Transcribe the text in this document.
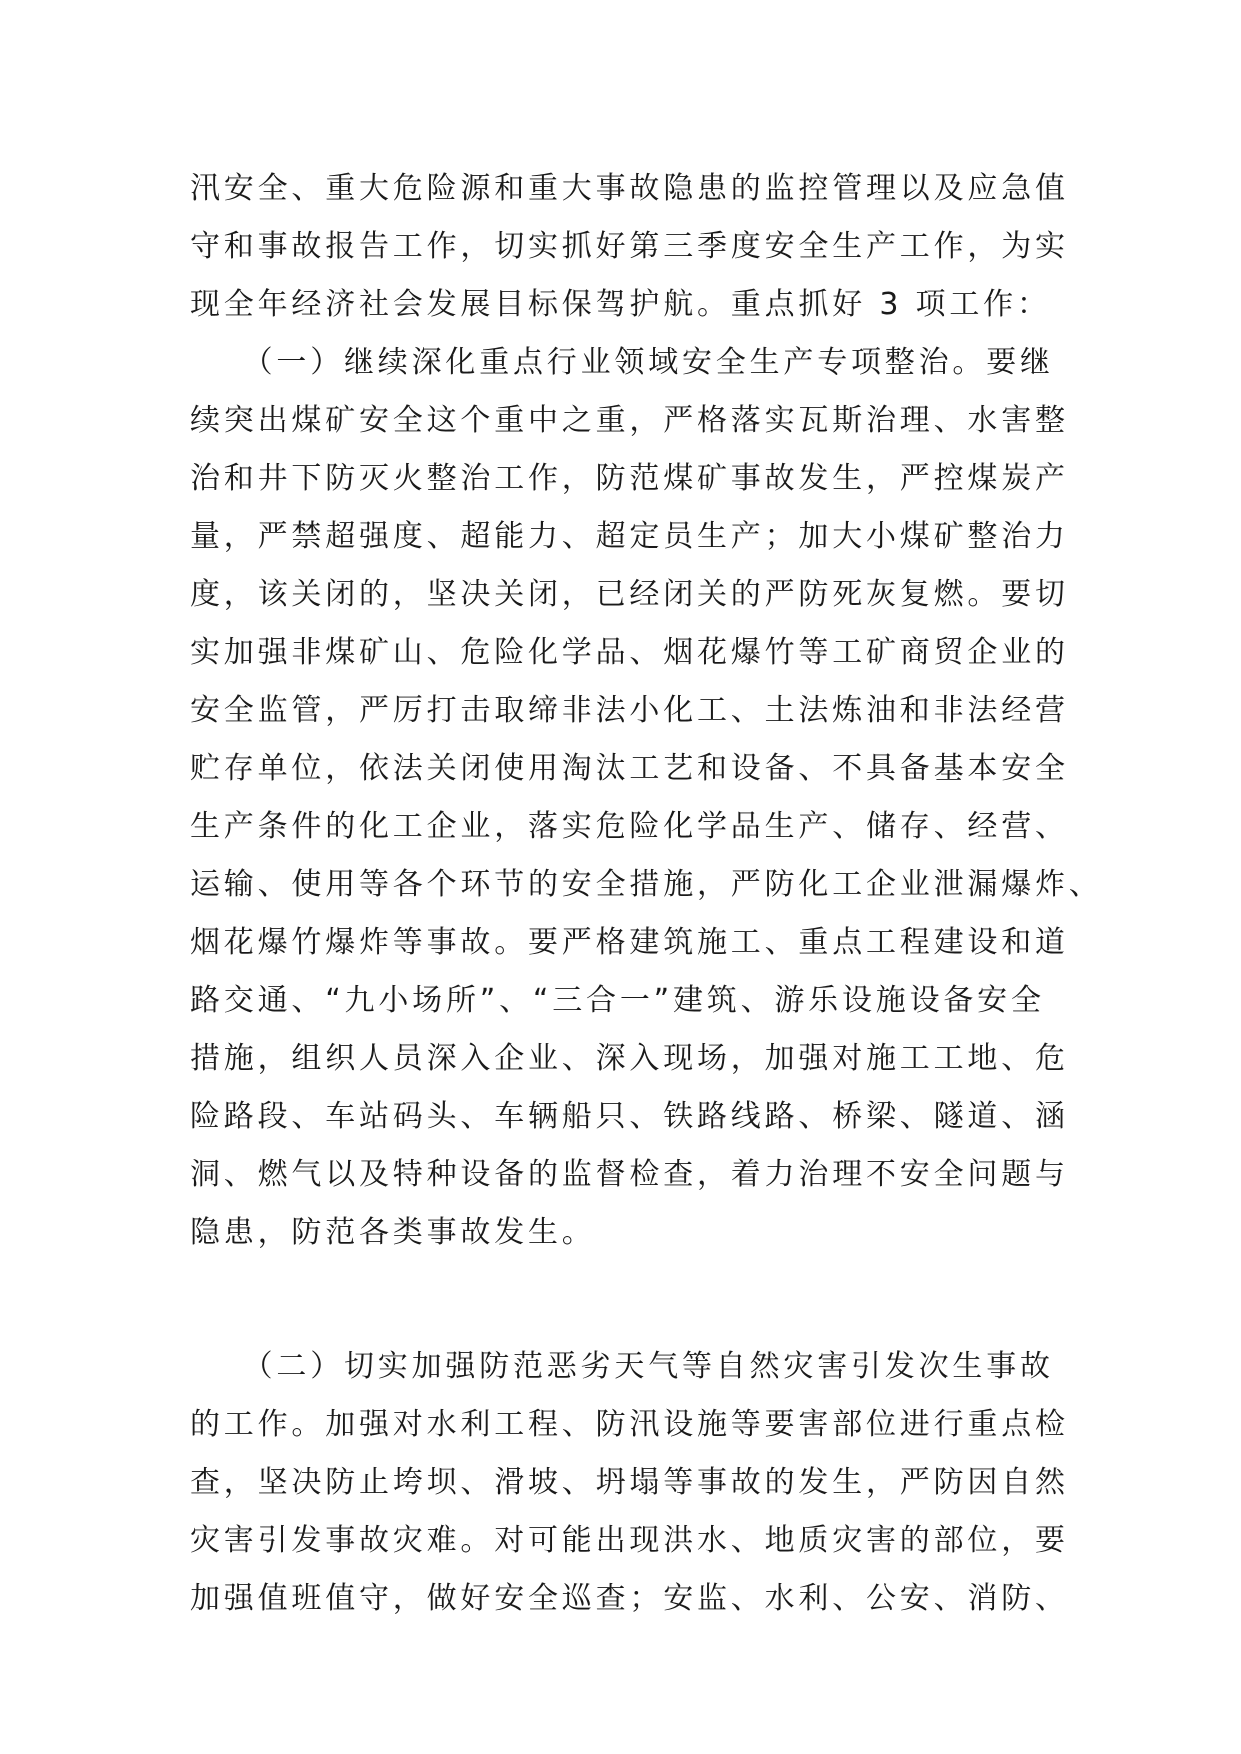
汛安全、重大危险源和重大事故隐患的监控管理以及应急值
守和事故报告工作，切实抓好第三季度安全生产工作，为实
现全年经济社会发展目标保驾护航。重点抓好 3 项工作：
　　（一）继续深化重点行业领域安全生产专项整治。要继
续突出煤矿安全这个重中之重，严格落实瓦斯治理、水害整
治和井下防灭火整治工作，防范煤矿事故发生，严控煤炭产
量，严禁超强度、超能力、超定员生产；加大小煤矿整治力
度，该关闭的，坚决关闭，已经闭关的严防死灰复燃。要切
实加强非煤矿山、危险化学品、烟花爆竹等工矿商贸企业的
安全监管，严厉打击取缔非法小化工、土法炼油和非法经营
贮存单位，依法关闭使用淘汰工艺和设备、不具备基本安全
生产条件的化工企业，落实危险化学品生产、储存、经营、
运输、使用等各个环节的安全措施，严防化工企业泄漏爆炸、
烟花爆竹爆炸等事故。要严格建筑施工、重点工程建设和道
路交通、“九小场所”、“三合一”建筑、游乐设施设备安全
措施，组织人员深入企业、深入现场，加强对施工工地、危
险路段、车站码头、车辆船只、铁路线路、桥梁、隧道、涵
洞、燃气以及特种设备的监督检查，着力治理不安全问题与
隐患，防范各类事故发生。
　　（二）切实加强防范恶劣天气等自然灾害引发次生事故
的工作。加强对水利工程、防汛设施等要害部位进行重点检
查，坚决防止垮坝、滑坡、坍塌等事故的发生，严防因自然
灾害引发事故灾难。对可能出现洪水、地质灾害的部位，要
加强值班值守，做好安全巡查；安监、水利、公安、消防、
